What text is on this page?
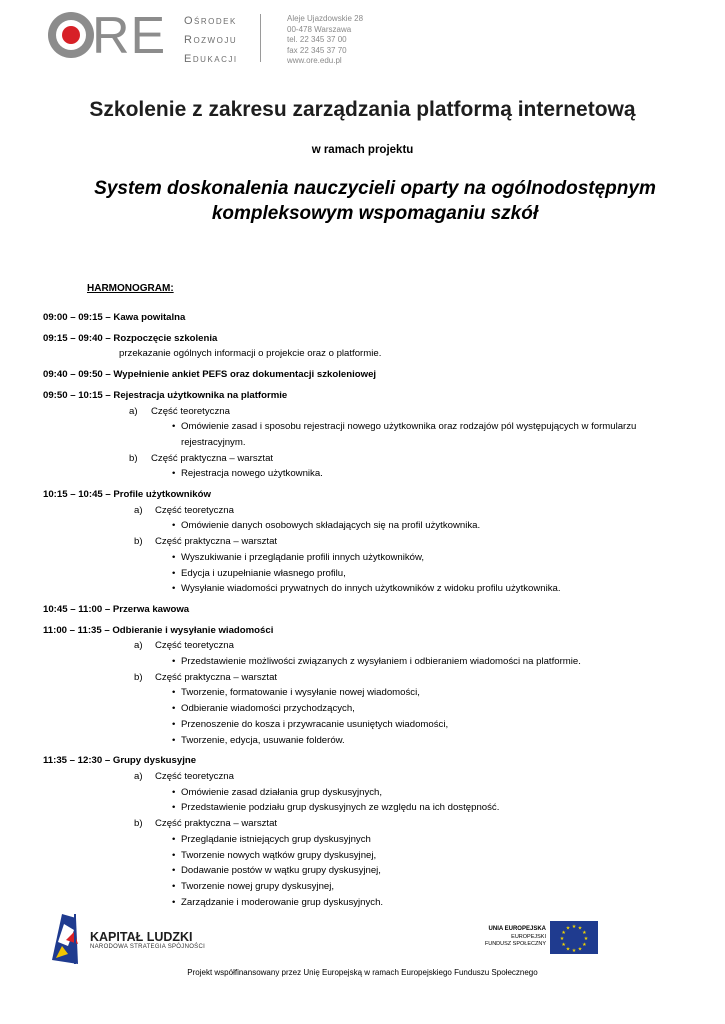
RE Ośrodek
Rozwoju
Edukacji
Aleje Ujazdowskie 28
00-478 Warszawa
tel. 22 345 37 00
fax 22 345 37 70
www.ore.edu.pl
Szkolenie z zakresu zarządzania platformą internetową
w ramach projektu
System doskonalenia nauczycieli oparty na ogólnodostępnym kompleksowym wspomaganiu szkół
HARMONOGRAM:
09:00 – 09:15 – Kawa powitalna
09:15 – 09:40 – Rozpoczęcie szkolenia
przekazanie ogólnych informacji o projekcie oraz o platformie.
09:40 – 09:50 – Wypełnienie ankiet PEFS oraz dokumentacji szkoleniowej
09:50 – 10:15 – Rejestracja użytkownika na platformie
a) Część teoretyczna
• Omówienie zasad i sposobu rejestracji nowego użytkownika oraz rodzajów pól występujących w formularzu rejestracyjnym.
b) Część praktyczna – warsztat
• Rejestracja nowego użytkownika.
10:15 – 10:45 – Profile użytkowników
a) Część teoretyczna
• Omówienie danych osobowych składających się na profil użytkownika.
b) Część praktyczna – warsztat
• Wyszukiwanie i przeglądanie profili innych użytkowników,
• Edycja i uzupełnianie własnego profilu,
• Wysyłanie wiadomości prywatnych do innych użytkowników z widoku profilu użytkownika.
10:45 – 11:00 – Przerwa kawowa
11:00 – 11:35 – Odbieranie i wysyłanie wiadomości
a) Część teoretyczna
• Przedstawienie możliwości związanych z wysyłaniem i odbieraniem wiadomości na platformie.
b) Część praktyczna – warsztat
• Tworzenie, formatowanie i wysyłanie nowej wiadomości,
• Odbieranie wiadomości przychodzących,
• Przenoszenie do kosza i przywracanie usuniętych wiadomości,
• Tworzenie, edycja, usuwanie folderów.
11:35 – 12:30 – Grupy dyskusyjne
a) Część teoretyczna
• Omówienie zasad działania grup dyskusyjnych,
• Przedstawienie podziału grup dyskusyjnych ze względu na ich dostępność.
b) Część praktyczna – warsztat
• Przeglądanie istniejących grup dyskusyjnych
• Tworzenie nowych wątków grupy dyskusyjnej,
• Dodawanie postów w wątku grupy dyskusyjnej,
• Tworzenie nowej grupy dyskusyjnej,
• Zarządzanie i moderowanie grup dyskusyjnych.
KAPITAŁ LUDZKI
NARODOWA STRATEGIA SPÓJNOŚCI
UNIA EUROPEJSKA
EUROPEJSKI
FUNDUSZ SPOŁECZNY
★ ★
★
★
★
★
★
★
★
★
★
★
Projekt współfinansowany przez Unię Europejską w ramach Europejskiego Funduszu Społecznego
